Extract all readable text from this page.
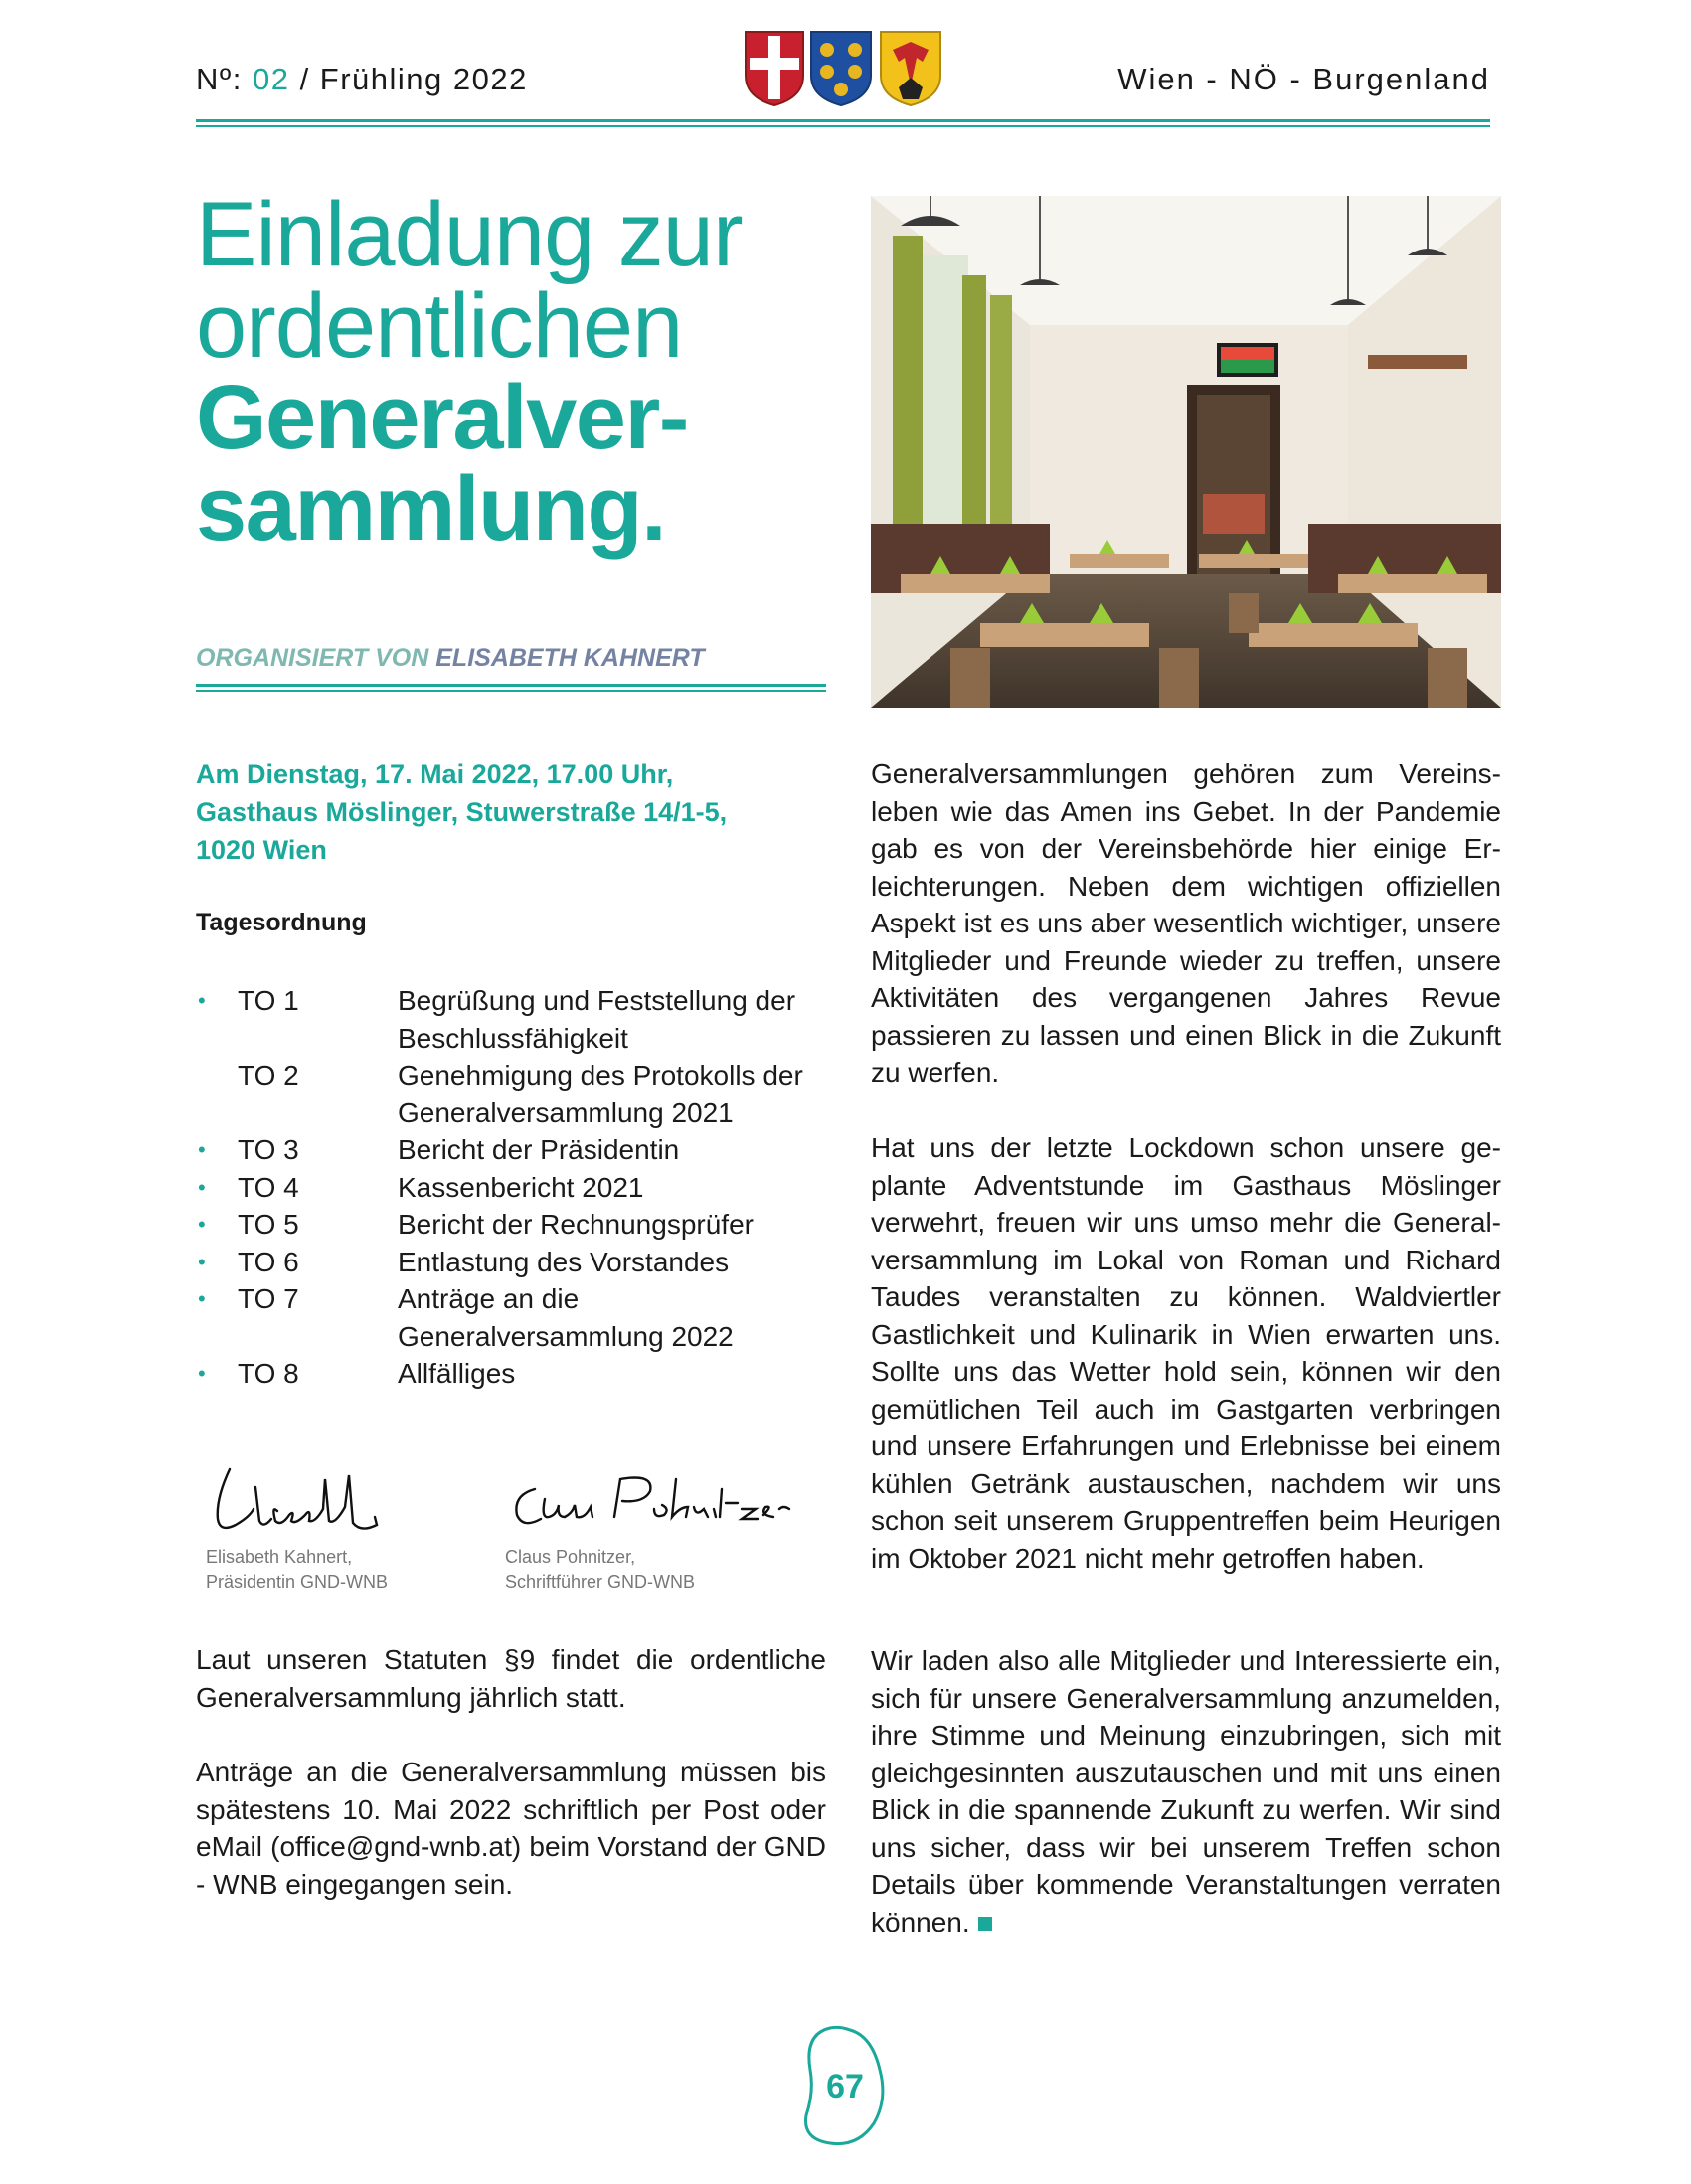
Nº: 02 / Frühling 2022	Wien - NÖ - Burgenland
Einladung zur
ordentlichen
Generalver-
sammlung.
ORGANISIERT VON ELISABETH KAHNERT
Am Dienstag, 17. Mai 2022, 17.00 Uhr,
Gasthaus Möslinger, Stuwerstraße 14/1-5,
1020 Wien
Tagesordnung
•	TO 1	Begrüßung und Feststellung der Beschlussfähigkeit
TO 2	Genehmigung des Protokolls der Generalversammlung 2021
•	TO 3	Bericht der Präsidentin
•	TO 4	Kassenbericht 2021
•	TO 5	Bericht der Rechnungsprüfer
•	TO 6	Entlastung des Vorstandes
•	TO 7	Anträge an die Generalversammlung 2022
•	TO 8	Allfälliges
Elisabeth Kahnert,
Präsidentin GND-WNB
Claus Pohnitzer,
Schriftführer GND-WNB
Laut unseren Statuten §9 findet die ordentliche Generalversammlung jährlich statt.
Anträge an die Generalversammlung müssen bis spätestens 10. Mai 2022 schriftlich per Post oder eMail (office@gnd-wnb.at) beim Vorstand der GND - WNB eingegangen sein.
Generalversammlungen gehören zum Vereinsleben wie das Amen ins Gebet. In der Pandemie gab es von der Vereinsbehörde hier einige Erleichterungen. Neben dem wichtigen offiziellen Aspekt ist es uns aber wesentlich wichtiger, unsere Mitglieder und Freunde wieder zu treffen, unsere Aktivitäten des vergangenen Jahres Revue passieren zu lassen und einen Blick in die Zukunft zu werfen.
Hat uns der letzte Lockdown schon unsere geplante Adventstunde im Gasthaus Möslinger verwehrt, freuen wir uns umso mehr die Generalversammlung im Lokal von Roman und Richard Taudes veranstalten zu können. Waldviertler Gastlichkeit und Kulinarik in Wien erwarten uns. Sollte uns das Wetter hold sein, können wir den gemütlichen Teil auch im Gastgarten verbringen und unsere Erfahrungen und Erlebnisse bei einem kühlen Getränk austauschen, nachdem wir uns schon seit unserem Gruppentreffen beim Heurigen im Oktober 2021 nicht mehr getroffen haben.
Wir laden also alle Mitglieder und Interessierte ein, sich für unsere Generalversammlung anzumelden, ihre Stimme und Meinung einzubringen, sich mit gleichgesinnten auszutauschen und mit uns einen Blick in die spannende Zukunft zu werfen. Wir sind uns sicher, dass wir bei unserem Treffen schon Details über kommende Veranstaltungen verraten können.
67
